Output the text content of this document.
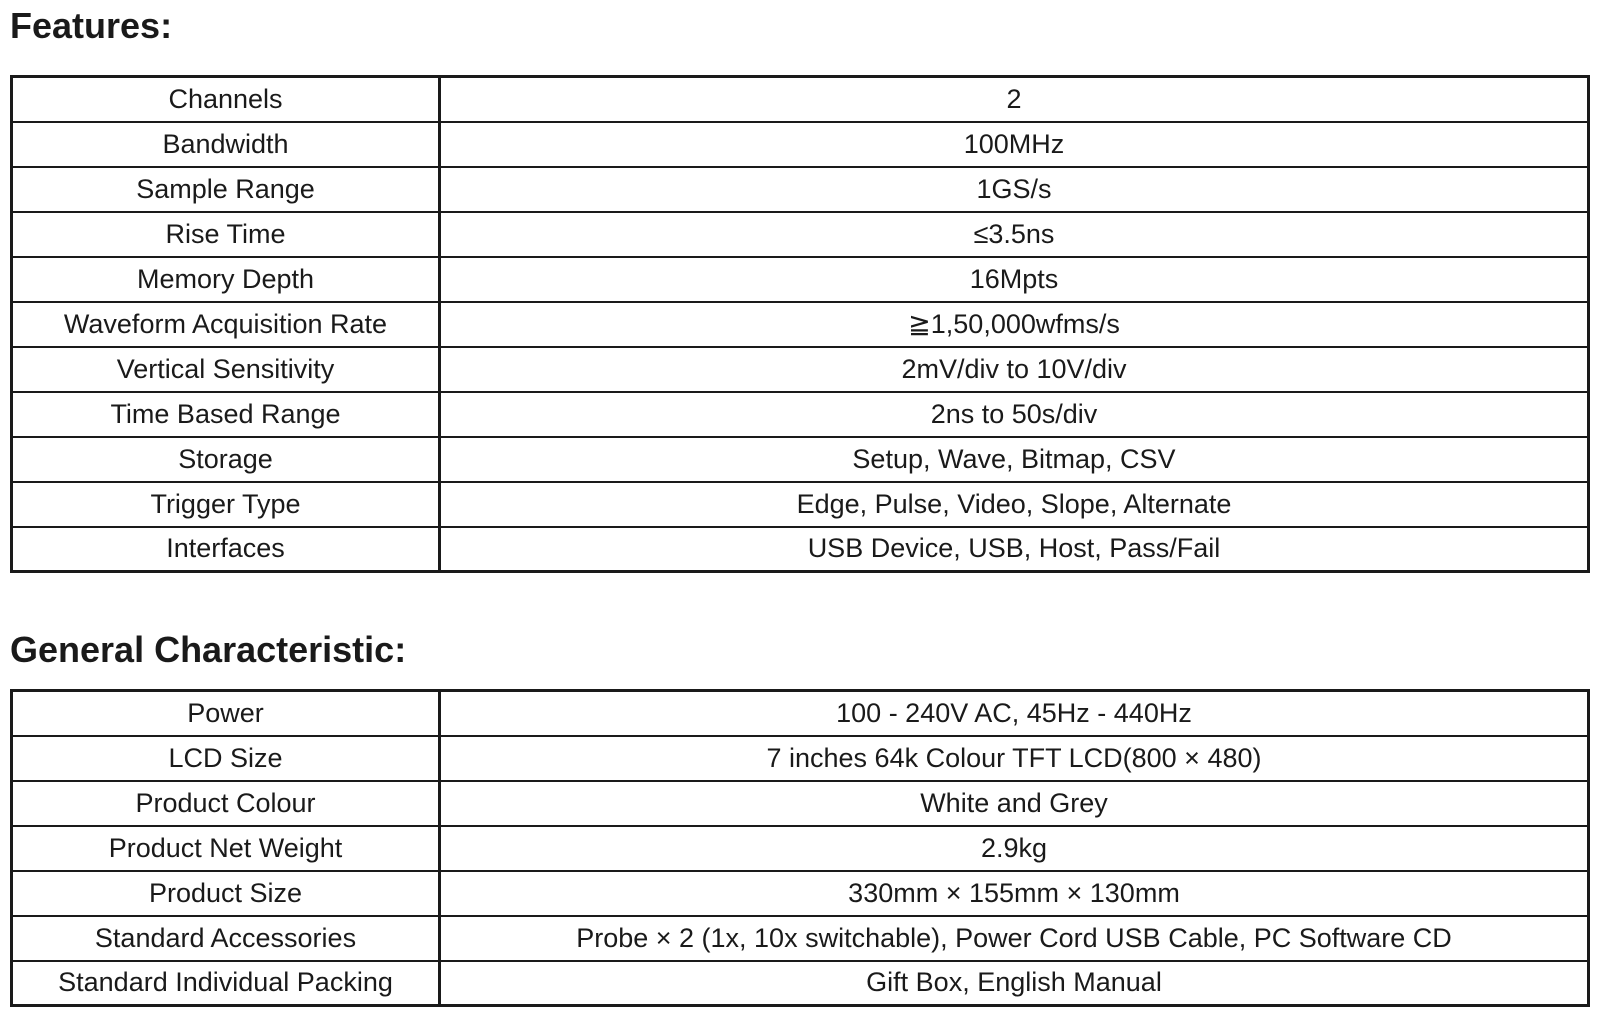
Features:
Channels	2
Bandwidth	100MHz
Sample Range	1GS/s
Rise Time	≤3.5ns
Memory Depth	16Mpts
Waveform Acquisition Rate	≧1,50,000wfms/s
Vertical Sensitivity	2mV/div to 10V/div
Time Based Range	2ns to 50s/div
Storage	Setup, Wave, Bitmap, CSV
Trigger Type	Edge, Pulse, Video, Slope, Alternate
Interfaces	USB Device, USB, Host, Pass/Fail
General Characteristic:
Power	100 - 240V AC, 45Hz - 440Hz
LCD Size	7 inches 64k Colour TFT LCD(800 × 480)
Product Colour	White and Grey
Product Net Weight	2.9kg
Product Size	330mm × 155mm × 130mm
Standard Accessories	Probe × 2 (1x, 10x switchable), Power Cord USB Cable, PC Software CD
Standard Individual Packing	Gift Box, English Manual
